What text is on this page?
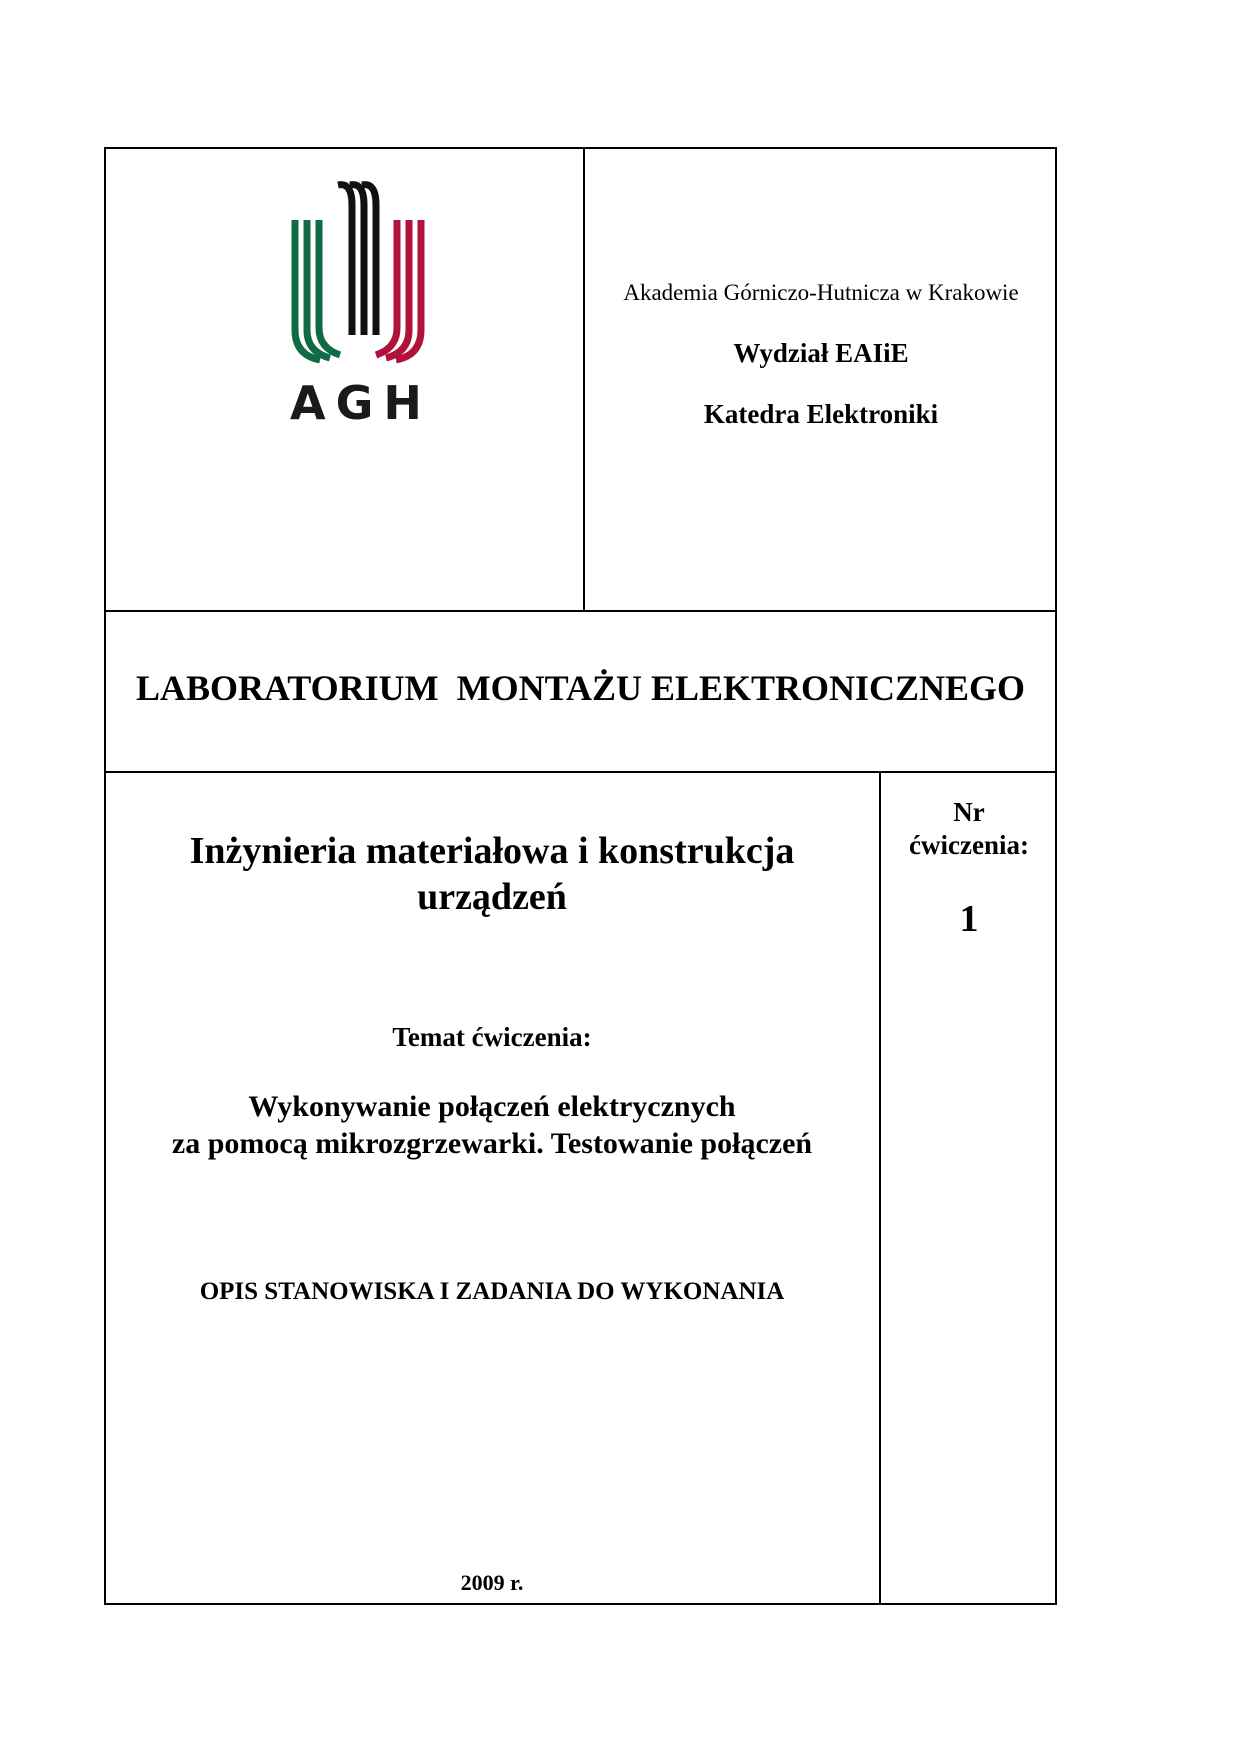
AGH
Akademia Górniczo-Hutnicza w Krakowie
Wydział EAIiE
Katedra Elektroniki
LABORATORIUM  MONTAŻU ELEKTRONICZNEGO
Inżynieria materiałowa i konstrukcja
urządzeń
Temat ćwiczenia:
Wykonywanie połączeń elektrycznych
za pomocą mikrozgrzewarki. Testowanie połączeń
OPIS STANOWISKA I ZADANIA DO WYKONANIA
2009 r.
Nr
ćwiczenia:
1
